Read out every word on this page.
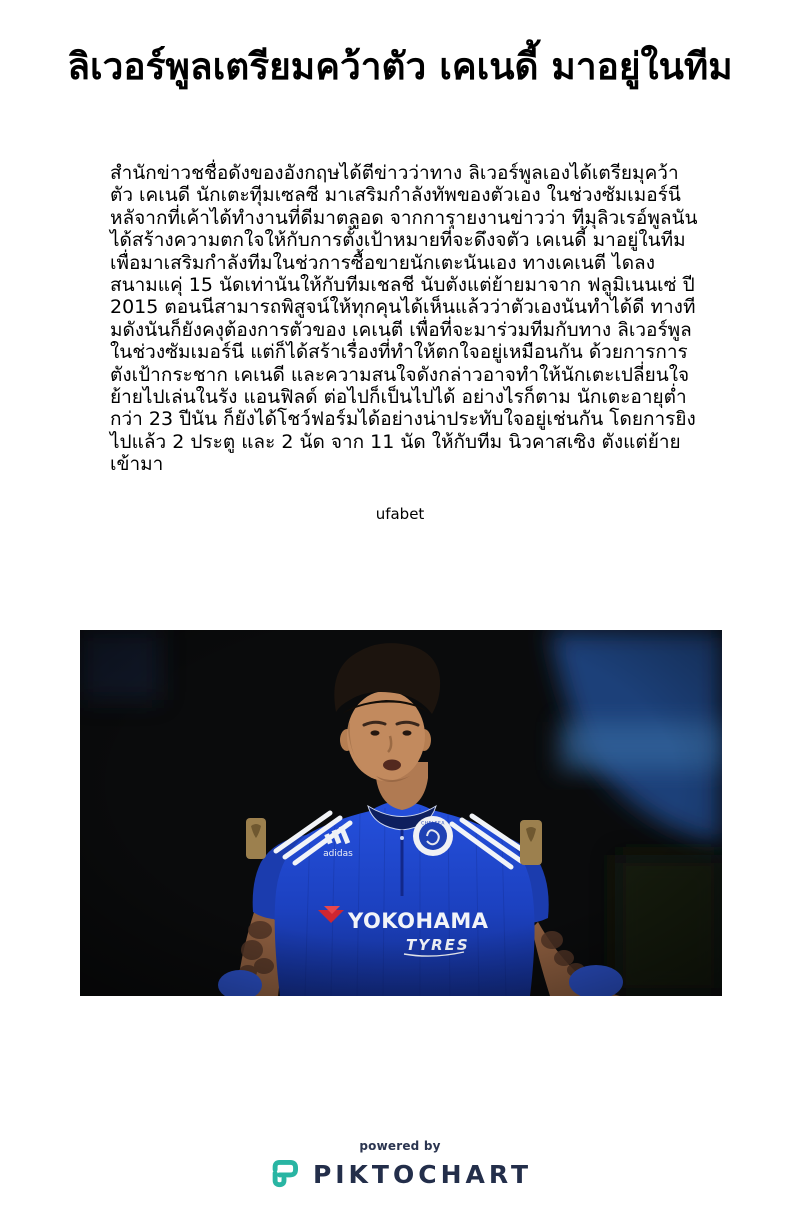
ลิเวอร์พูลเตรียมคว้าตัว เคเนดี้ มาอยู่ในทีม

สำนักข่าวชชื่อดังของอังกฤษได้ตีข่าวว่าทาง ลิเวอร์พูลเองได้เตรียมุคว้าตัว เคเนดี นักเตะทีุมเซลซี มาเสริมกำลังทัพของตัวเอง ในช่วงซัมเมอร์นี หลัจากที่เค้าได้ทำงานที่ดีมาตลูอด จากการุายงานข่าวว่า ทีมุลิวเรอ์พูลนัน ได้สร้างความตกใจให้กับการตั้งเป้าหมายที่จะดึงจตัว เคเนดี้ มาอยู่ในทีมเพื่อมาเสริมกำลังทีมในช่วการซื้อขายนักเตะนันเอง ทางเคเนตี ไดลงสนามแคุ่ 15 นัดเท่านันให้กับทีมเชลชี นับตังแต่ย้ายมาจาก ฟลูมิเนนเซ่ ปี 2015 ตอนนีสามารถพิสูจน์ให้ทุกคุนได้เห็นแล้วว่าตัวเองนันทำได้ดี ทางทีมดังนันก็ยังคงุต้องการตัวของ เคเนตี เพื่อที่จะมาร่วมทีมกับทาง ลิเวอร์พูล ในช่วงซัมเมอร์นี แต่ก็ได้สร้าเรื่องที่ทำให้ตกใจอยู่เหมือนกัน ด้วยการการตังเป้ากระชาก เคเนดี และความสนใจดังกล่าวอาจทำให้นักเตะเปลี่ยนใจย้ายไปเล่นในรัง แอนฟิลด์ ต่อไปก็เป็นไปได้ อย่างไรก็ตาม นักเตะอายุต่ำกว่า 23 ปีนัน ก็ยังได้โชว์ฟอร์มได้อย่างน่าประทับใจอยู่เช่นกัน โดยการยิงไปแล้ว 2 ประตู และ 2 นัด จาก 11 นัด ให้กับทีม นิวคาสเซิง ตังแต่ย้ายเข้ามา

ufabet
powered by
PIKTOCHART
